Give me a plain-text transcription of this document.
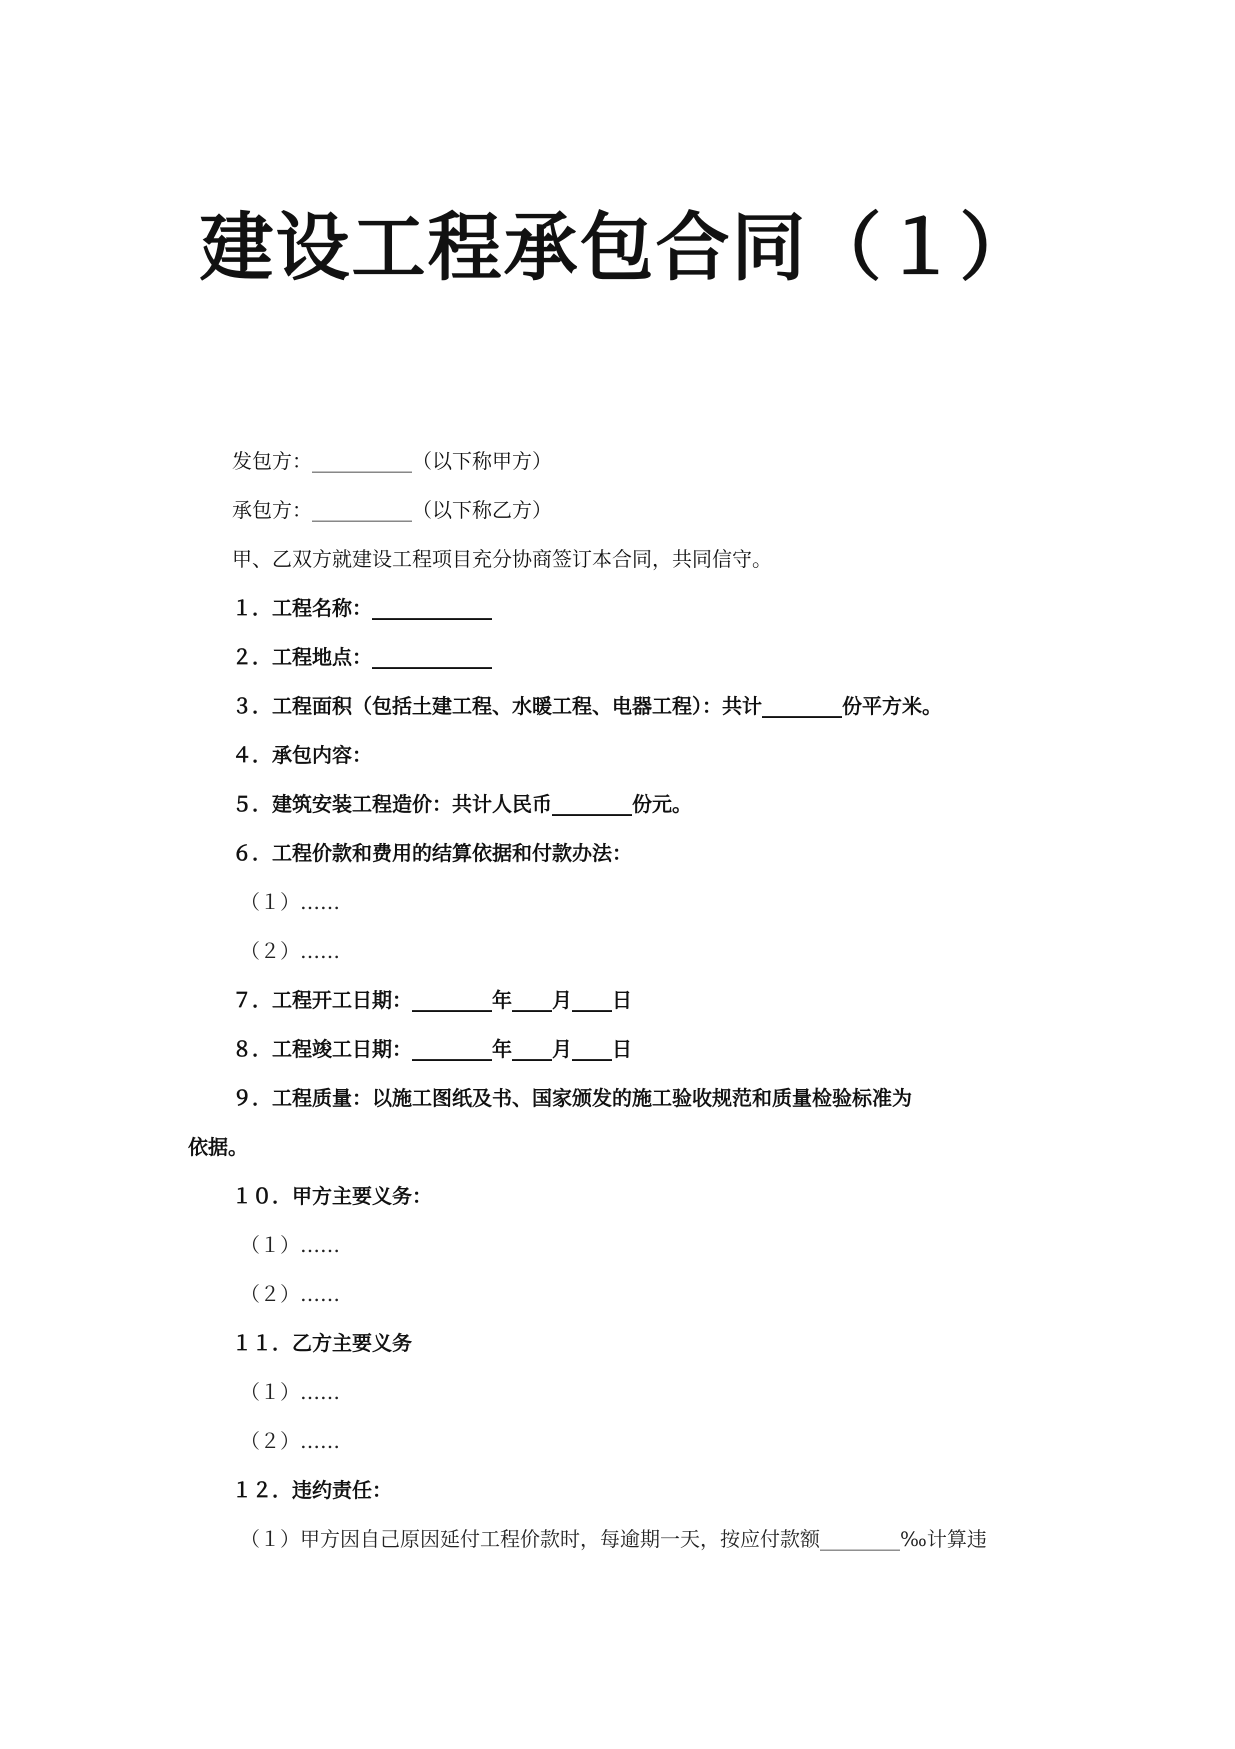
建设工程承包合同（１）
发包方：__________（以下称甲方）
承包方：__________（以下称乙方）
甲、乙双方就建设工程项目充分协商签订本合同，共同信守。
１．工程名称：____________
２．工程地点：____________
３．工程面积（包括土建工程、水暖工程、电器工程）：共计________份平方米。
４．承包内容：
５．建筑安装工程造价：共计人民币________份元。
６．工程价款和费用的结算依据和付款办法：
（１）……
（２）……
７．工程开工日期：________年____月____日
８．工程竣工日期：________年____月____日
９．工程质量：以施工图纸及书、国家颁发的施工验收规范和质量检验标准为
依据。
１０．甲方主要义务：
（１）……
（２）……
１１．乙方主要义务
（１）……
（２）……
１２．违约责任：
（１）甲方因自己原因延付工程价款时，每逾期一天，按应付款额________‰计算违
